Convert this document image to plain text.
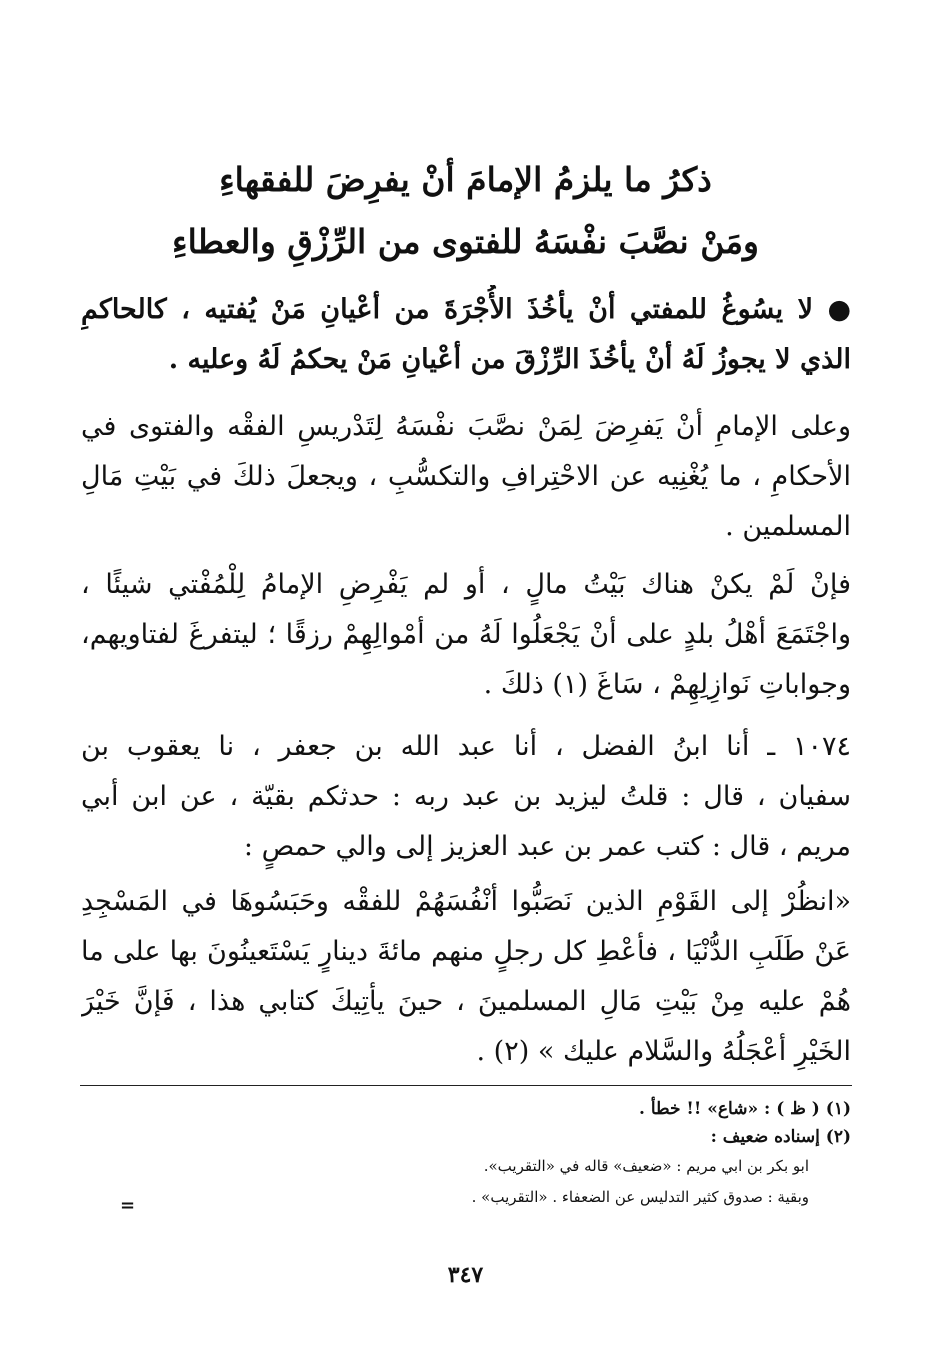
ذكرُ ما يلزمُ الإمامَ أنْ يفرِضَ للفقهاءِ
ومَنْ نصَّبَ نفْسَهُ للفتوى من الرِّزْقِ والعطاءِ
● لا يسُوغُ للمفتي أنْ يأخُذَ الأُجْرَةَ من أعْيانِ مَنْ يُفتيه ، كالحاكمِ
الذي لا يجوزُ لَهُ أنْ يأخُذَ الرِّزْقَ من أعْيانِ مَنْ يحكمُ لَهُ وعليه .
وعلى الإمامِ أنْ يَفرِضَ لِمَنْ نصَّبَ نفْسَهُ لِتَدْريسِ الفقْه والفتوى في
الأحكامِ ، ما يُغْنِيه عن الاحْتِرافِ والتكسُّبِ ، ويجعلَ ذلكَ في بَيْتِ مَالِ
المسلمين .
فإنْ لَمْ يكنْ هناك بَيْتُ مالٍ ، أو لم يَفْرِضِ الإمامُ لِلْمُفْتي شيئًا ،
واجْتَمَعَ أهْلُ بلدٍ على أنْ يَجْعَلُوا لَهُ من أمْوالِهِمْ رزقًا ؛ ليتفرغَ لفتاويهم،
وجواباتِ نَوازِلِهِمْ ، سَاغَ (١) ذلكَ .
١٠٧٤ ـ أنا ابنُ الفضل ، أنا عبد الله بن جعفر ، نا يعقوب بن
سفيان ، قال : قلتُ ليزيد بن عبد ربه : حدثكم بقيّة ، عن ابن أبي
مريم ، قال : كتب عمر بن عبد العزيز إلى والي حمصٍ :
«انظُرْ إلى القَوْمِ الذين نَصَبُّوا أنْفُسَهُمْ للفقْه وحَبَسُوهَا في المَسْجِدِ
عَنْ طَلَبِ الدُّنْيَا ، فأعْطِ كل رجلٍ منهم مائةَ دينارٍ يَسْتَعينُونَ بها على ما
هُمْ عليه مِنْ بَيْتِ مَالِ المسلمينَ ، حينَ يأتِيكَ كتابي هذا ، فَإنَّ خَيْرَ
الخَيْرِ أعْجَلُهُ والسَّلام عليك » (٢) .
(١) ( ظ ) : «شاع» !! خطأ .
(٢) إسناده ضعيف :
ابو بكر بن ابي مريم : «ضعيف» قاله في «التقريب».
وبقية : صدوق كثير التدليس عن الضعفاء . «التقريب» .
=
٣٤٧
